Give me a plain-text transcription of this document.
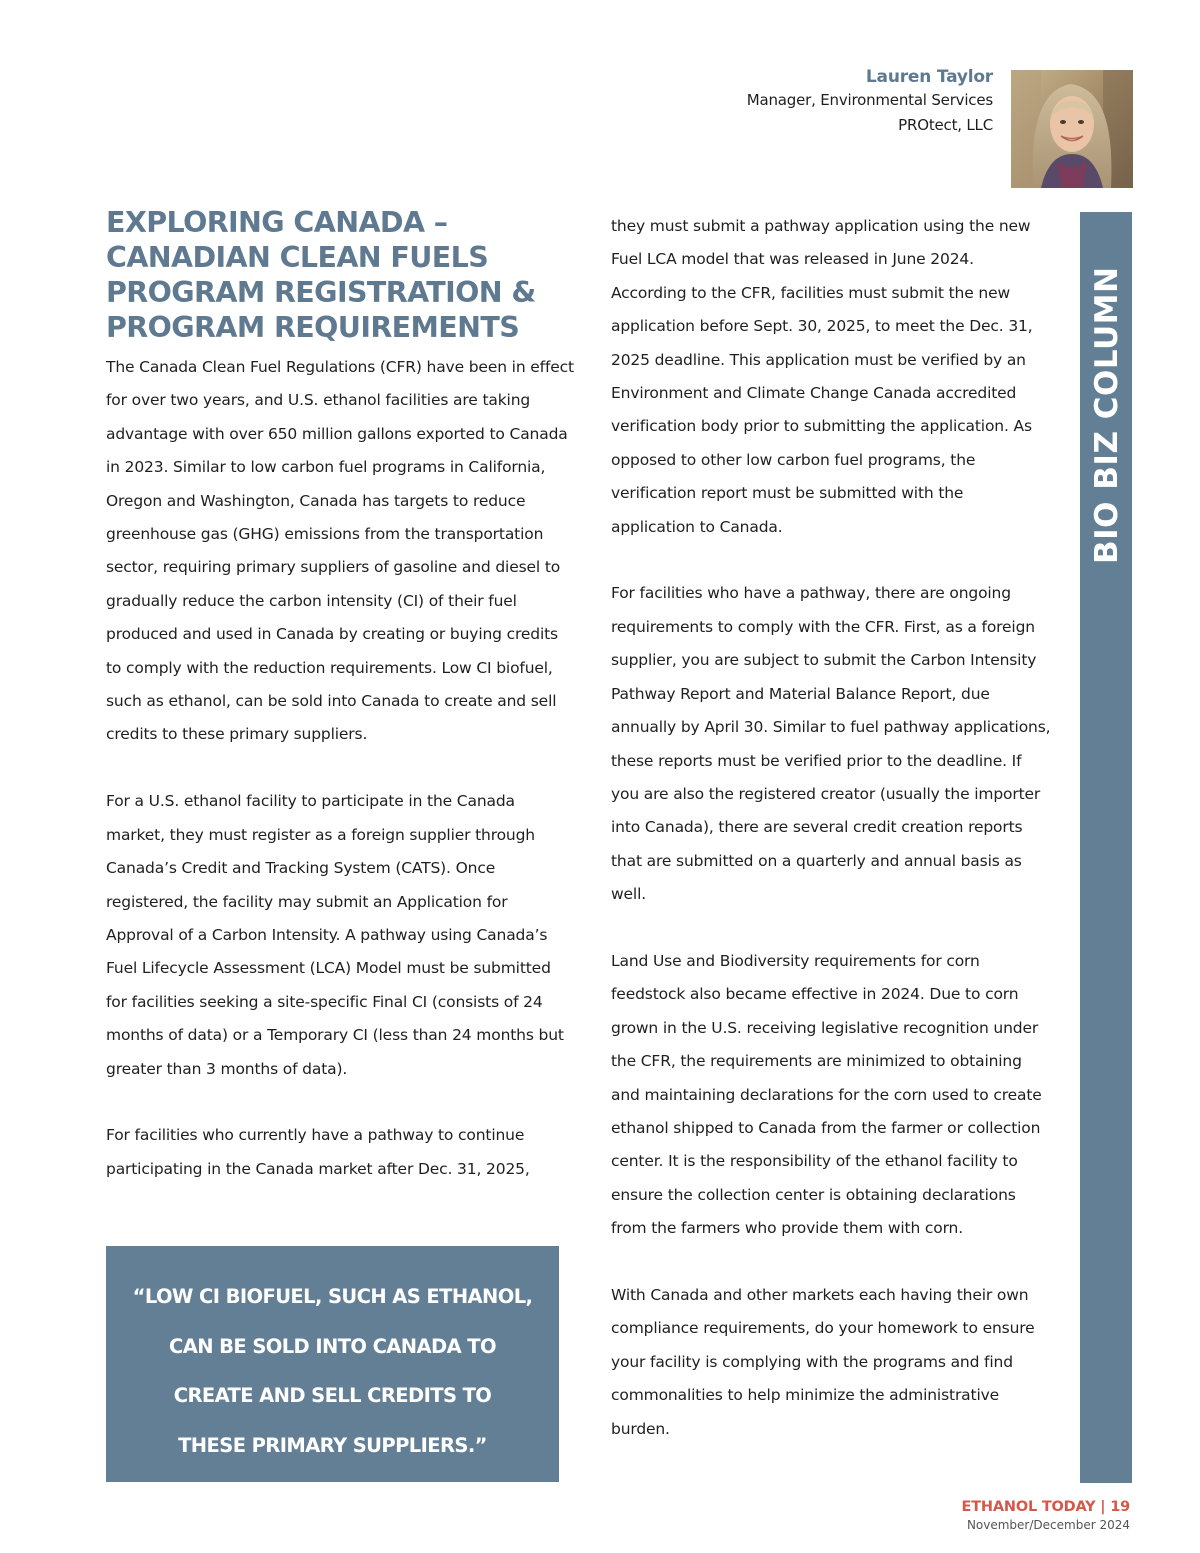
Lauren Taylor
Manager, Environmental Services
PROtect, LLC
EXPLORING CANADA –
CANADIAN CLEAN FUELS
PROGRAM REGISTRATION &
PROGRAM REQUIREMENTS

The Canada Clean Fuel Regulations (CFR) have been in effect for over two years, and U.S. ethanol facilities are taking advantage with over 650 million gallons exported to Canada in 2023. Similar to low carbon fuel programs in California, Oregon and Washington, Canada has targets to reduce greenhouse gas (GHG) emissions from the transportation sector, requiring primary suppliers of gasoline and diesel to gradually reduce the carbon intensity (CI) of their fuel produced and used in Canada by creating or buying credits to comply with the reduction requirements. Low CI biofuel, such as ethanol, can be sold into Canada to create and sell credits to these primary suppliers.

For a U.S. ethanol facility to participate in the Canada market, they must register as a foreign supplier through Canada’s Credit and Tracking System (CATS). Once registered, the facility may submit an Application for Approval of a Carbon Intensity. A pathway using Canada’s Fuel Lifecycle Assessment (LCA) Model must be submitted for facilities seeking a site-specific Final CI (consists of 24 months of data) or a Temporary CI (less than 24 months but greater than 3 months of data).

For facilities who currently have a pathway to continue participating in the Canada market after Dec. 31, 2025,

“LOW CI BIOFUEL, SUCH AS ETHANOL,
CAN BE SOLD INTO CANADA TO
CREATE AND SELL CREDITS TO
THESE PRIMARY SUPPLIERS.”

they must submit a pathway application using the new Fuel LCA model that was released in June 2024. According to the CFR, facilities must submit the new application before Sept. 30, 2025, to meet the Dec. 31, 2025 deadline. This application must be verified by an Environment and Climate Change Canada accredited verification body prior to submitting the application. As opposed to other low carbon fuel programs, the verification report must be submitted with the application to Canada.

For facilities who have a pathway, there are ongoing requirements to comply with the CFR. First, as a foreign supplier, you are subject to submit the Carbon Intensity Pathway Report and Material Balance Report, due annually by April 30. Similar to fuel pathway applications, these reports must be verified prior to the deadline. If you are also the registered creator (usually the importer into Canada), there are several credit creation reports that are submitted on a quarterly and annual basis as well.

Land Use and Biodiversity requirements for corn feedstock also became effective in 2024. Due to corn grown in the U.S. receiving legislative recognition under the CFR, the requirements are minimized to obtaining and maintaining declarations for the corn used to create ethanol shipped to Canada from the farmer or collection center. It is the responsibility of the ethanol facility to ensure the collection center is obtaining declarations from the farmers who provide them with corn.

With Canada and other markets each having their own compliance requirements, do your homework to ensure your facility is complying with the programs and find commonalities to help minimize the administrative burden.

BIO BIZ COLUMN
ETHANOL TODAY | 19
November/December 2024
